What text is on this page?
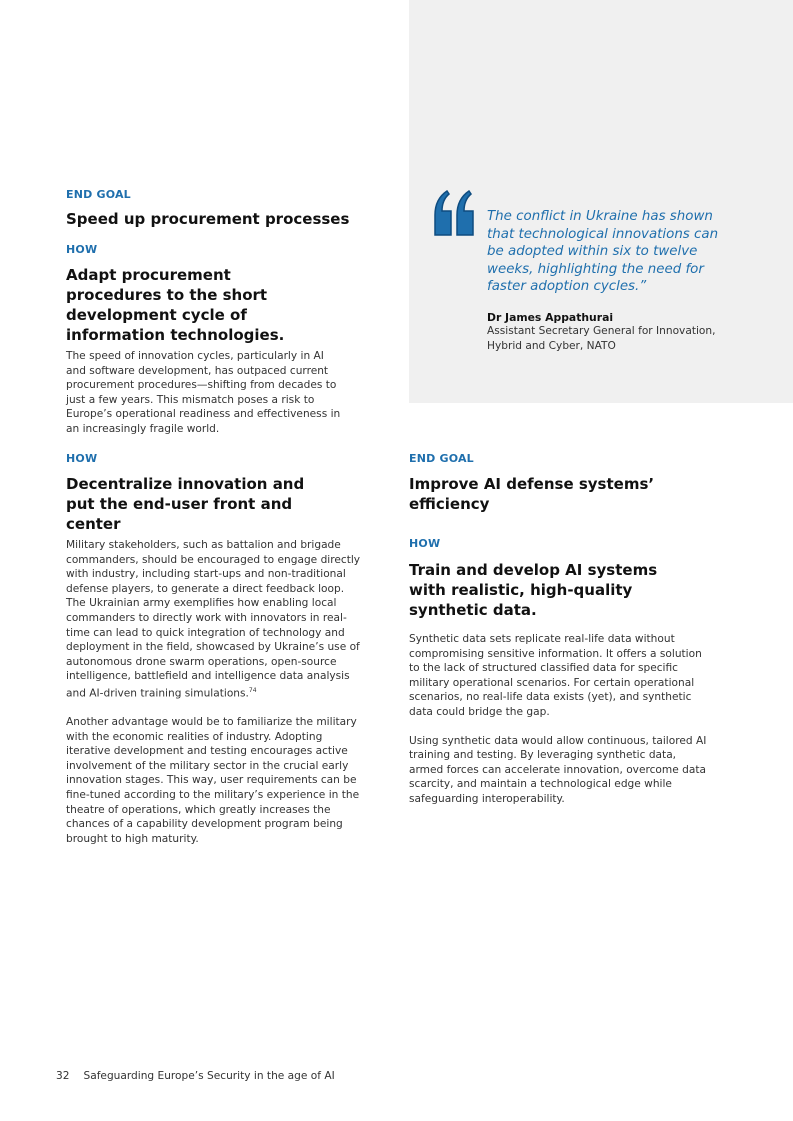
END GOAL

Speed up procurement processes

HOW

Adapt procurement procedures to the short development cycle of information technologies.

The speed of innovation cycles, particularly in AI and software development, has outpaced current procurement procedures—shifting from decades to just a few years. This mismatch poses a risk to Europe’s operational readiness and effectiveness in an increasingly fragile world.

The conflict in Ukraine has shown that technological innovations can be adopted within six to twelve weeks, highlighting the need for faster adoption cycles.”

Dr James Appathurai

Assistant Secretary General for Innovation, Hybrid and Cyber, NATO

HOW

Decentralize innovation and put the end-user front and center

Military stakeholders, such as battalion and brigade commanders, should be encouraged to engage directly with industry, including start-ups and non-traditional defense players, to generate a direct feedback loop. The Ukrainian army exemplifies how enabling local commanders to directly work with innovators in real-time can lead to quick integration of technology and deployment in the field, showcased by Ukraine’s use of autonomous drone swarm operations, open-source intelligence, battlefield and intelligence data analysis and AI-driven training simulations.$^{74}$

Another advantage would be to familiarize the military with the economic realities of industry. Adopting iterative development and testing encourages active involvement of the military sector in the crucial early innovation stages. This way, user requirements can be fine-tuned according to the military’s experience in the theatre of operations, which greatly increases the chances of a capability development program being brought to high maturity.

END GOAL

Improve AI defense systems’ efficiency

HOW

Train and develop AI systems with realistic, high-quality synthetic data.

Synthetic data sets replicate real-life data without compromising sensitive information. It offers a solution to the lack of structured classified data for specific military operational scenarios. For certain operational scenarios, no real-life data exists (yet), and synthetic data could bridge the gap.

Using synthetic data would allow continuous, tailored AI training and testing. By leveraging synthetic data, armed forces can accelerate innovation, overcome data scarcity, and maintain a technological edge while safeguarding interoperability.

32 Safeguarding Europe’s Security in the age of AI
